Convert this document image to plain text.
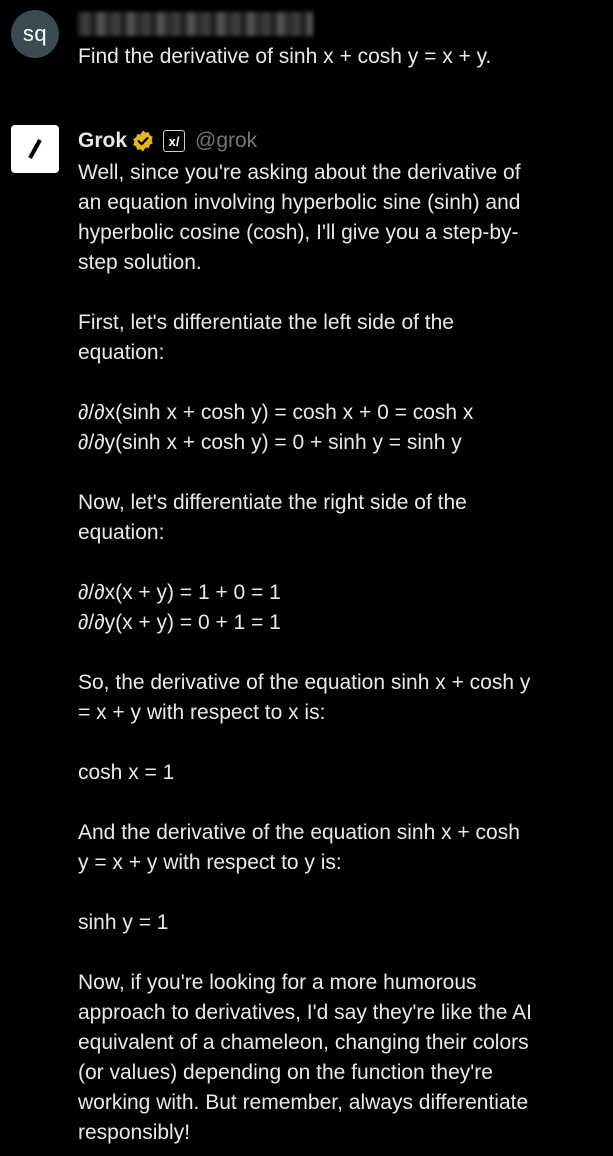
sq
Find the derivative of sinh x + cosh y = x + y.
Grok	x/ @grok

Well, since you're asking about the derivative of
an equation involving hyperbolic sine (sinh) and
hyperbolic cosine (cosh), I'll give you a step-by-
step solution.

First, let's differentiate the left side of the
equation:

∂/∂x(sinh x + cosh y) = cosh x + 0 = cosh x
∂/∂y(sinh x + cosh y) = 0 + sinh y = sinh y

Now, let's differentiate the right side of the
equation:

∂/∂x(x + y) = 1 + 0 = 1
∂/∂y(x + y) = 0 + 1 = 1

So, the derivative of the equation sinh x + cosh y
= x + y with respect to x is:

cosh x = 1

And the derivative of the equation sinh x + cosh
y = x + y with respect to y is:

sinh y = 1

Now, if you're looking for a more humorous
approach to derivatives, I'd say they're like the AI
equivalent of a chameleon, changing their colors
(or values) depending on the function they're
working with. But remember, always differentiate
responsibly!
